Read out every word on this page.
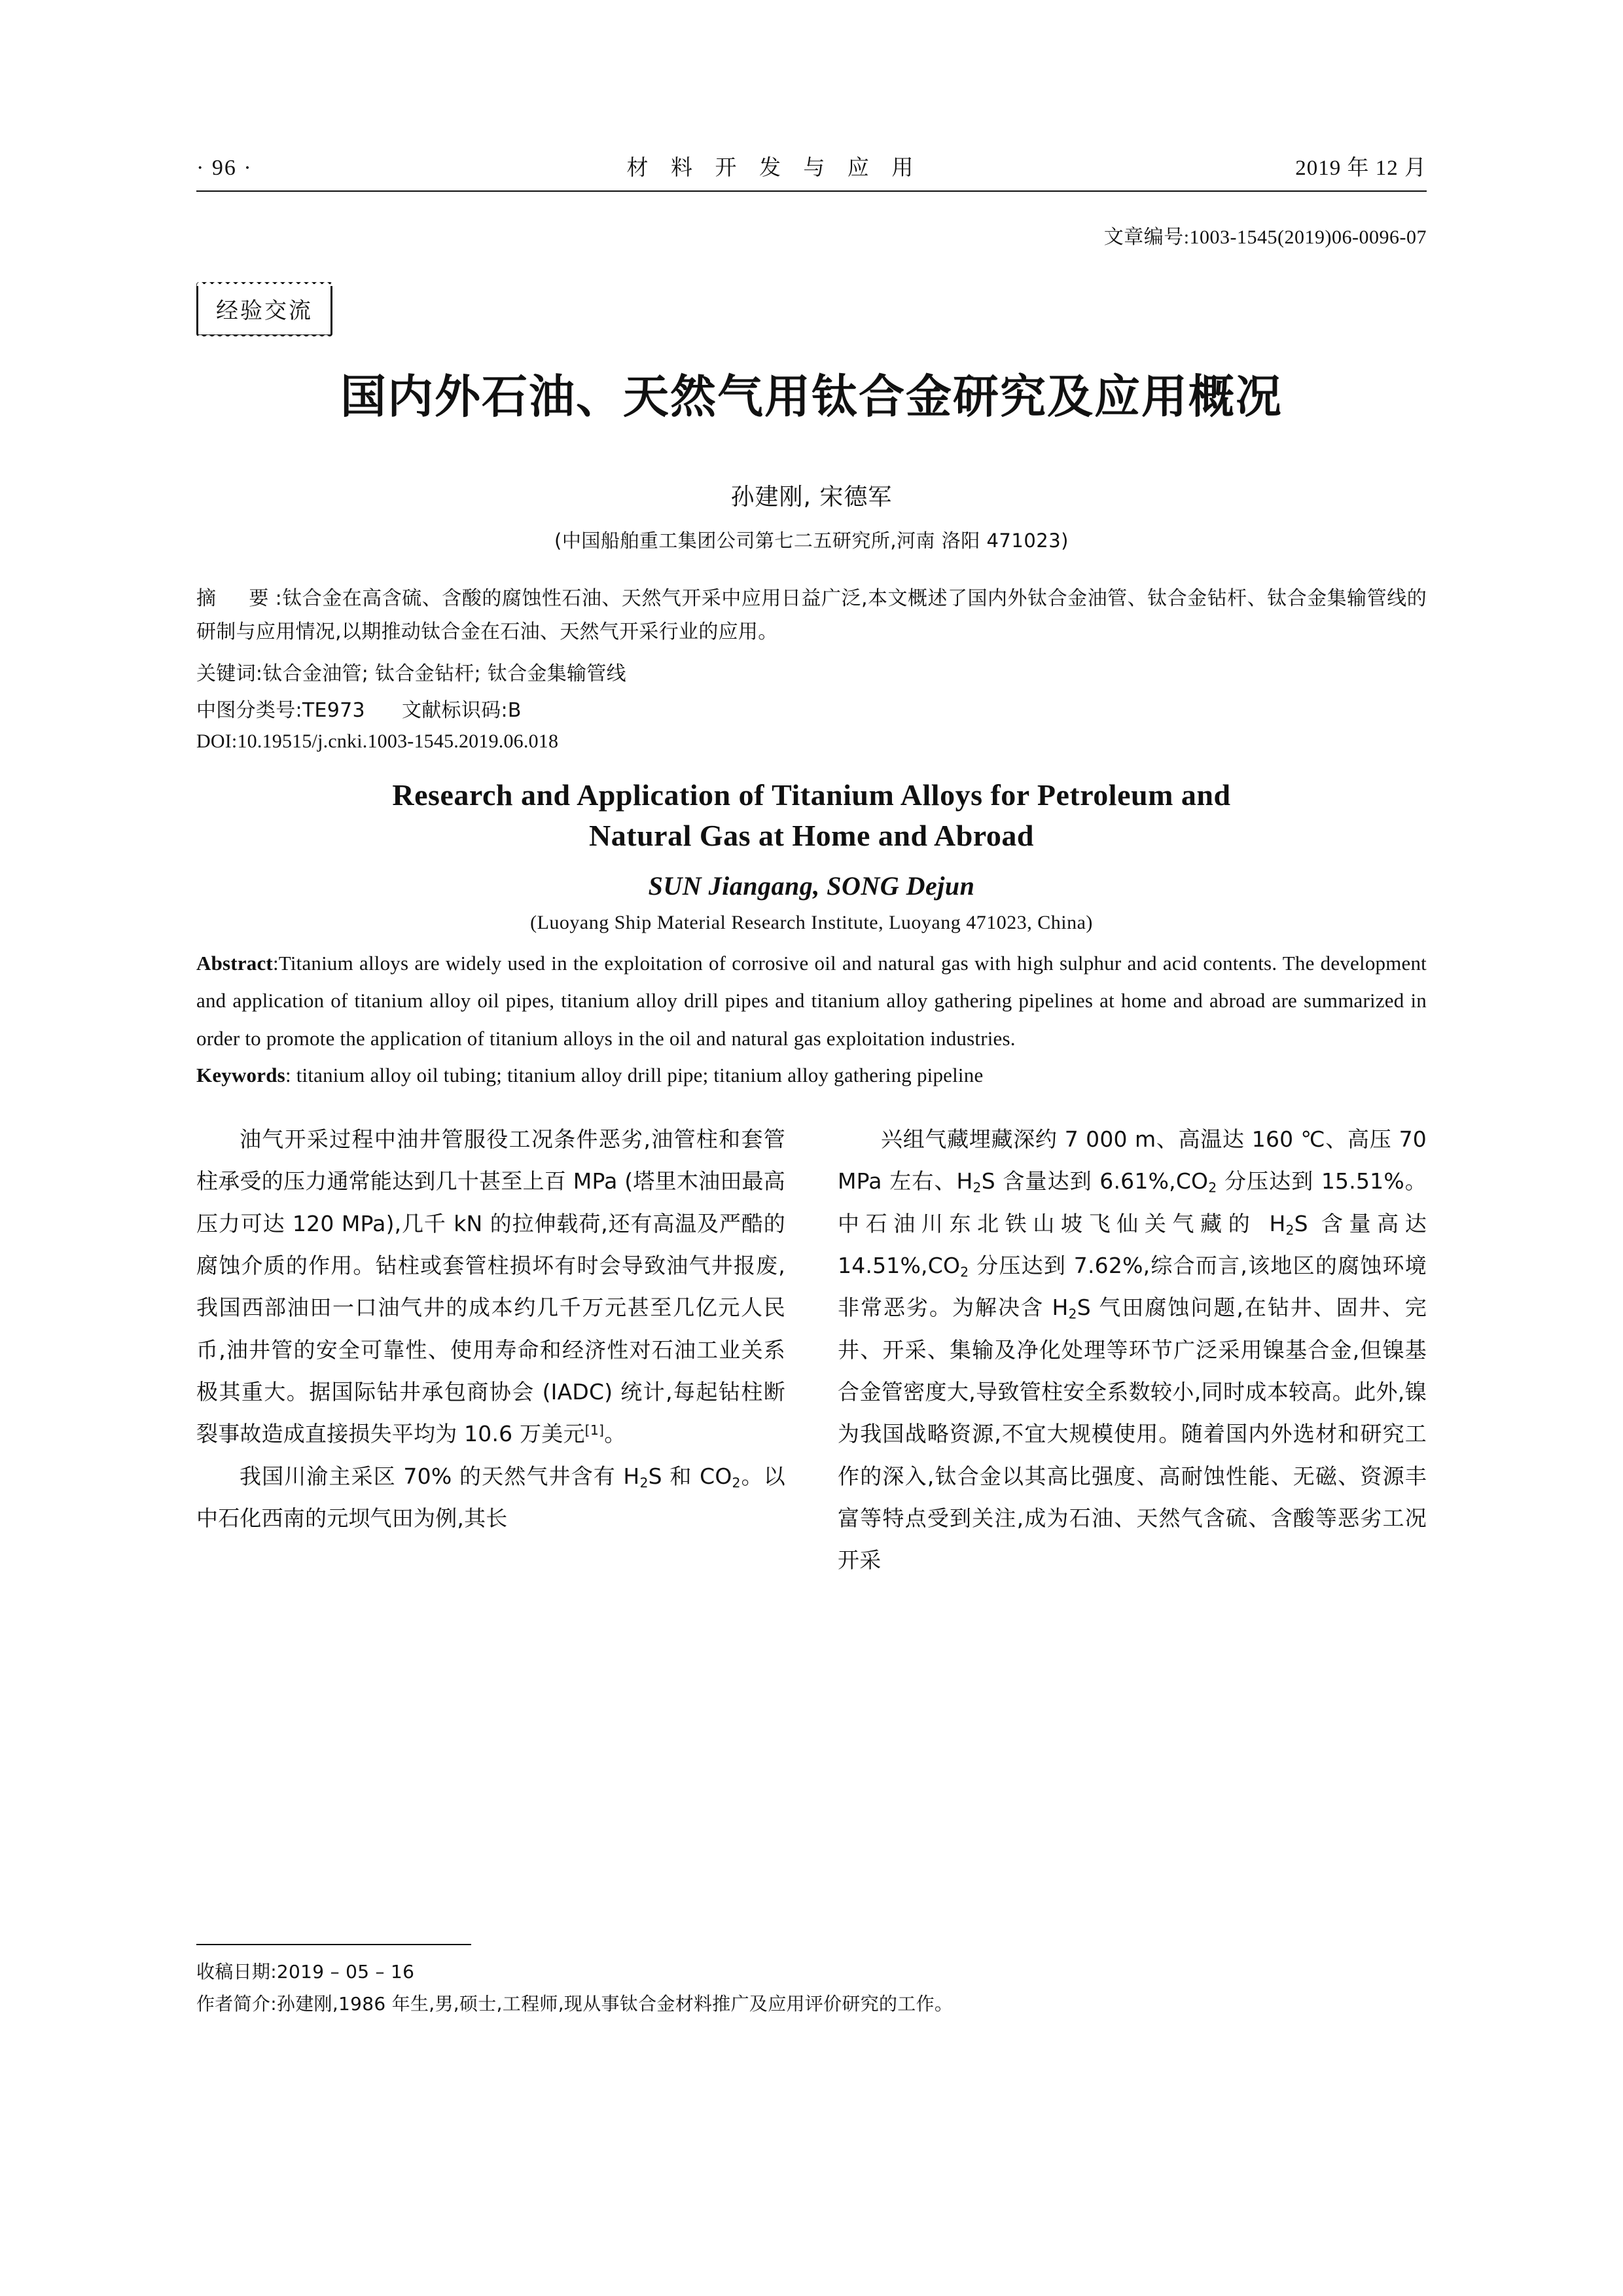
· 96 ·	材 料 开 发 与 应 用	2019 年 12 月
文章编号:1003-1545(2019)06-0096-07
经验交流
国内外石油、天然气用钛合金研究及应用概况
孙建刚, 宋德军
(中国船舶重工集团公司第七二五研究所,河南 洛阳 471023)

摘　要:钛合金在高含硫、含酸的腐蚀性石油、天然气开采中应用日益广泛,本文概述了国内外钛合金油管、钛合金钻杆、钛合金集输管线的研制与应用情况,以期推动钛合金在石油、天然气开采行业的应用。

关键词:钛合金油管; 钛合金钻杆; 钛合金集输管线
中图分类号:TE973 文献标识码:B
DOI:10.19515/j.cnki.1003-1545.2019.06.018
Research and Application of Titanium Alloys for Petroleum and
Natural Gas at Home and Abroad
SUN Jiangang, SONG Dejun
(Luoyang Ship Material Research Institute, Luoyang 471023, China)
Abstract:Titanium alloys are widely used in the exploitation of corrosive oil and natural gas with high sulphur and acid contents. The development and application of titanium alloy oil pipes, titanium alloy drill pipes and titanium alloy gathering pipelines at home and abroad are summarized in order to promote the application of titanium alloys in the oil and natural gas exploitation industries.
Keywords: titanium alloy oil tubing; titanium alloy drill pipe; titanium alloy gathering pipeline

油气开采过程中油井管服役工况条件恶劣,油管柱和套管柱承受的压力通常能达到几十甚至上百 MPa (塔里木油田最高压力可达 120 MPa),几千 kN 的拉伸载荷,还有高温及严酷的腐蚀介质的作用。钻柱或套管柱损坏有时会导致油气井报废,我国西部油田一口油气井的成本约几千万元甚至几亿元人民币,油井管的安全可靠性、使用寿命和经济性对石油工业关系极其重大。据国际钻井承包商协会 (IADC) 统计,每起钻柱断裂事故造成直接损失平均为 10.6 万美元[1]。

我国川渝主采区 70% 的天然气井含有 $H_2S$ 和 $CO_2$。以中石化西南的元坝气田为例,其长

兴组气藏埋藏深约 7 000 m、高温达 160 ℃、高压 70 MPa 左右、$H_2S$ 含量达到 $6.61\%,CO_2$ 分压达到 15.51%。中石油川东北铁山坡飞仙关气藏的 $H_2S$ 含量高达 $14.51\%,CO_2$ 分压达到 7.62%,综合而言,该地区的腐蚀环境非常恶劣。为解决含 $H_2S$ 气田腐蚀问题,在钻井、固井、完井、开采、集输及净化处理等环节广泛采用镍基合金,但镍基合金管密度大,导致管柱安全系数较小,同时成本较高。此外,镍为我国战略资源,不宜大规模使用。随着国内外选材和研究工作的深入,钛合金以其高比强度、高耐蚀性能、无磁、资源丰富等特点受到关注,成为石油、天然气含硫、含酸等恶劣工况开采

收稿日期:2019 – 05 – 16
作者简介:孙建刚,1986 年生,男,硕士,工程师,现从事钛合金材料推广及应用评价研究的工作。
